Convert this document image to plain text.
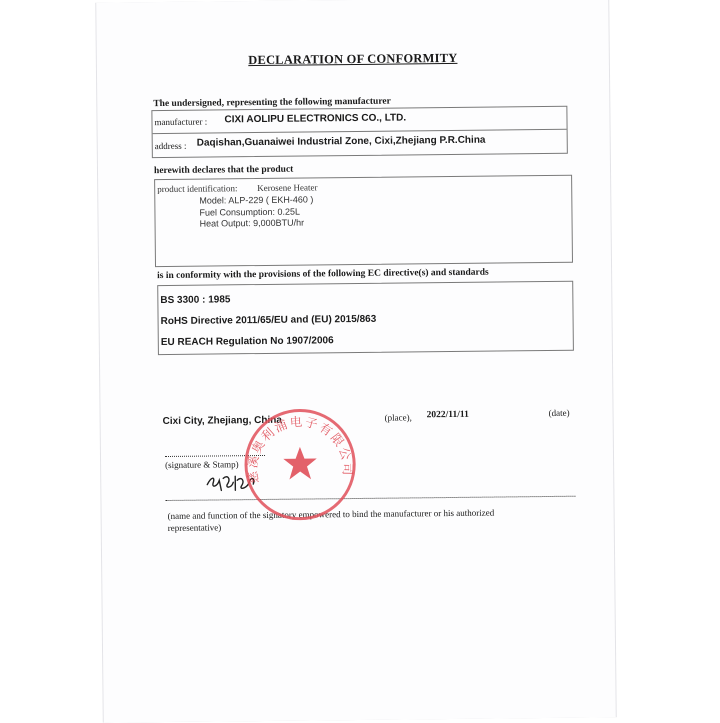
DECLARATION OF CONFORMITY
The undersigned, representing the following manufacturer
manufacturer : CIXI AOLIPU ELECTRONICS CO., LTD.
address : Daqishan,Guanaiwei Industrial Zone, Cixi,Zhejiang P.R.China
herewith declares that the product
product identification: Kerosene Heater
Model: ALP-229 ( EKH-460 )
Fuel Consumption: 0.25L
Heat Output: 9,000BTU/hr
is in conformity with the provisions of the following EC directive(s) and standards
BS 3300 : 1985
RoHS Directive 2011/65/EU and (EU) 2015/863
EU REACH Regulation No 1907/2006
Cixi City, Zhejiang, China	(place), 2022/11/11	(date)
(signature & Stamp)
(name and function of the signatory empowered to bind the manufacturer or his authorized
representative)
慈溪奥利浦电子有限公司
